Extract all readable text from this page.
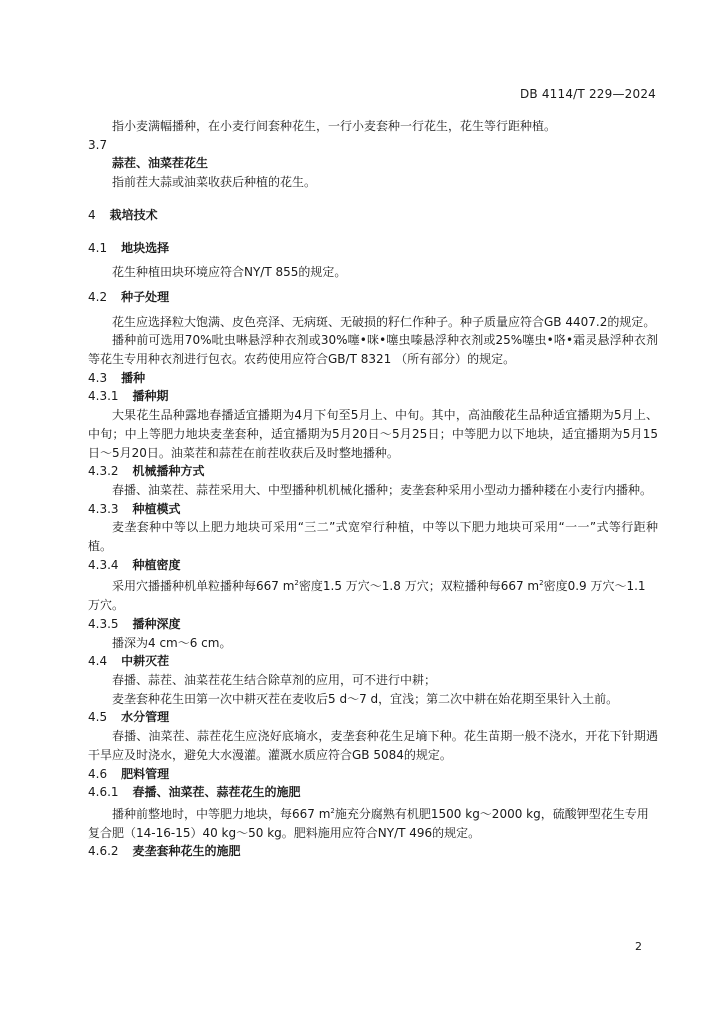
DB 4114/T 229—2024
指小麦满幅播种，在小麦行间套种花生，一行小麦套种一行花生，花生等行距种植。
3.7
蒜茬、油菜茬花生
指前茬大蒜或油菜收获后种植的花生。
4 栽培技术
4.1 地块选择
花生种植田块环境应符合NY/T 855的规定。
4.2 种子处理
花生应选择粒大饱满、皮色亮泽、无病斑、无破损的籽仁作种子。种子质量应符合GB 4407.2的规定。
播种前可选用70%吡虫啉悬浮种衣剂或30%噻•咪•噻虫嗪悬浮种衣剂或25%噻虫•咯•霜灵悬浮种衣剂等花生专用种衣剂进行包衣。农药使用应符合GB/T 8321 （所有部分）的规定。
4.3 播种
4.3.1 播种期
大果花生品种露地春播适宜播期为4月下旬至5月上、中旬。其中，高油酸花生品种适宜播期为5月上、中旬；中上等肥力地块麦垄套种，适宜播期为5月20日～5月25日；中等肥力以下地块，适宜播期为5月15日～5月20日。油菜茬和蒜茬在前茬收获后及时整地播种。
4.3.2 机械播种方式
春播、油菜茬、蒜茬采用大、中型播种机机械化播种；麦垄套种采用小型动力播种耧在小麦行内播种。
4.3.3 种植模式
麦垄套种中等以上肥力地块可采用“三二”式宽窄行种植，中等以下肥力地块可采用“一一”式等行距种植。
4.3.4 种植密度
采用穴播播种机单粒播种每667 $m^2$密度1.5 万穴～1.8 万穴；双粒播种每667 $m^2$密度0.9 万穴～1.1
万穴。
4.3.5 播种深度
播深为4 cm～6 cm。
4.4 中耕灭茬
春播、蒜茬、油菜茬花生结合除草剂的应用，可不进行中耕；
麦垄套种花生田第一次中耕灭茬在麦收后5 d～7 d，宜浅；第二次中耕在始花期至果针入土前。
4.5 水分管理
春播、油菜茬、蒜茬花生应浇好底墒水，麦垄套种花生足墒下种。花生苗期一般不浇水，开花下针期遇干旱应及时浇水，避免大水漫灌。灌溉水质应符合GB 5084的规定。
4.6 肥料管理
4.6.1 春播、油菜茬、蒜茬花生的施肥
播种前整地时，中等肥力地块，每667 $m^2$施充分腐熟有机肥1500 kg～2000 kg，硫酸钾型花生专用
复合肥（14-16-15）40 kg～50 kg。肥料施用应符合NY/T 496的规定。
4.6.2 麦垄套种花生的施肥
2
